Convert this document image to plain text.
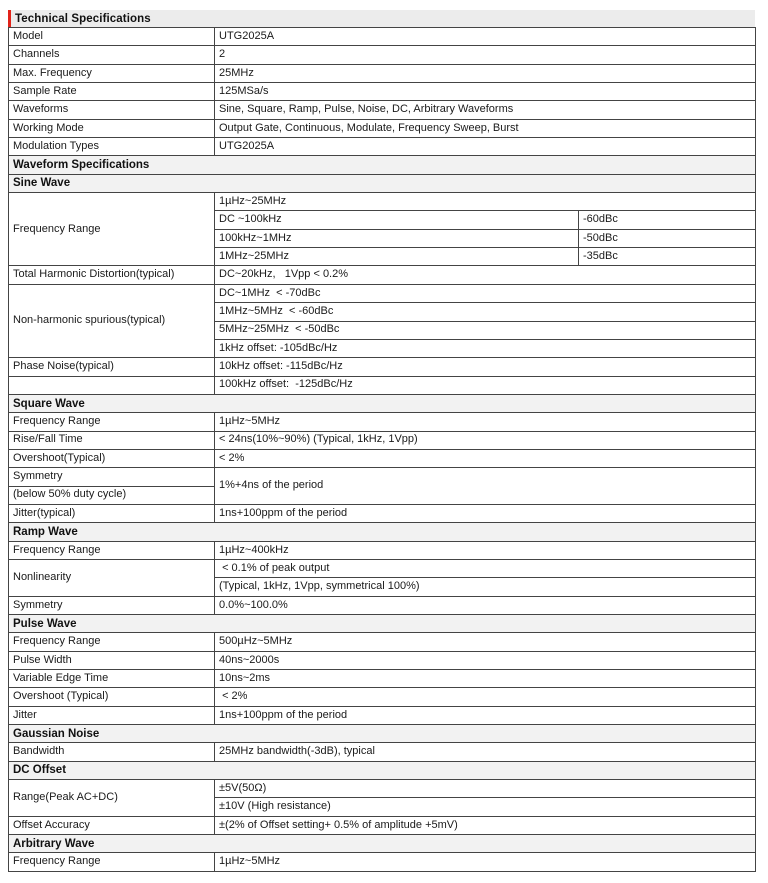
Technical Specifications
Model	UTG2025A	
Channels	2	
Max. Frequency	25MHz	
Sample Rate	125MSa/s	
Waveforms	Sine, Square, Ramp, Pulse, Noise, DC, Arbitrary Waveforms	
Working Mode	Output Gate, Continuous, Modulate, Frequency Sweep, Burst	
Modulation Types	UTG2025A	
Waveform Specifications		
Sine Wave		
Frequency Range	1µHz~25MHz	
	DC ~100kHz	-60dBc
	100kHz~1MHz	-50dBc
	1MHz~25MHz	-35dBc
Total Harmonic Distortion(typical)	DC~20kHz,   1Vpp < 0.2%	
Non-harmonic spurious(typical)	DC~1MHz  < -70dBc	
	1MHz~5MHz  < -60dBc	
	5MHz~25MHz  < -50dBc	
	1kHz offset: -105dBc/Hz	
Phase Noise(typical)	10kHz offset: -115dBc/Hz	
	100kHz offset:  -125dBc/Hz	
Square Wave		
Frequency Range	1µHz~5MHz	
Rise/Fall Time	< 24ns(10%~90%) (Typical, 1kHz, 1Vpp)	
Overshoot(Typical)	< 2%	
Symmetry	1%+4ns of the period	
(below 50% duty cycle)		
Jitter(typical)	1ns+100ppm of the period	
Ramp Wave		
Frequency Range	1µHz~400kHz	
Nonlinearity	< 0.1% of peak output	
	(Typical, 1kHz, 1Vpp, symmetrical 100%)	
Symmetry	0.0%~100.0%	
Pulse Wave		
Frequency Range	500µHz~5MHz	
Pulse Width	40ns~2000s	
Variable Edge Time	10ns~2ms	
Overshoot (Typical)	< 2%	
Jitter	1ns+100ppm of the period	
Gaussian Noise		
Bandwidth	25MHz bandwidth(-3dB), typical	
DC Offset		
Range(Peak AC+DC)	±5V(50Ω)	
	±10V (High resistance)	
Offset Accuracy	±(2% of Offset setting+ 0.5% of amplitude +5mV)	
Arbitrary Wave		
Frequency Range	1µHz~5MHz	
